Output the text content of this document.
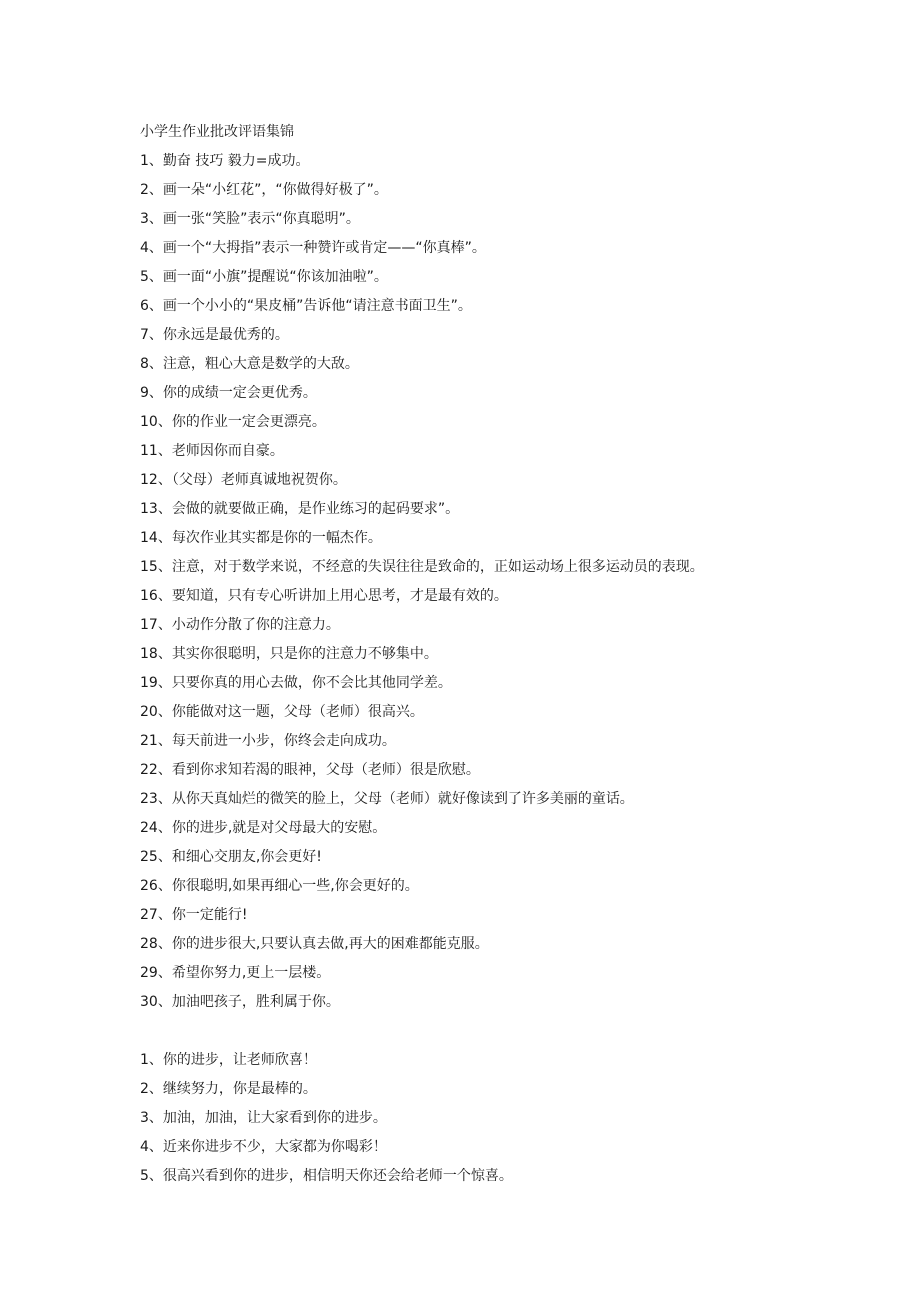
小学生作业批改评语集锦
1、勤奋 技巧 毅力=成功。
2、画一朵“小红花”，“你做得好极了”。
3、画一张“笑脸”表示“你真聪明”。
4、画一个“大拇指”表示一种赞许或肯定——“你真棒”。
5、画一面“小旗”提醒说“你该加油啦”。
6、画一个小小的“果皮桶”告诉他“请注意书面卫生”。
7、你永远是最优秀的。
8、注意，粗心大意是数学的大敌。
9、你的成绩一定会更优秀。
10、你的作业一定会更漂亮。
11、老师因你而自豪。
12、（父母）老师真诚地祝贺你。
13、会做的就要做正确，是作业练习的起码要求”。
14、每次作业其实都是你的一幅杰作。
15、注意，对于数学来说，不经意的失误往往是致命的，正如运动场上很多运动员的表现。
16、要知道，只有专心听讲加上用心思考，才是最有效的。
17、小动作分散了你的注意力。
18、其实你很聪明，只是你的注意力不够集中。
19、只要你真的用心去做，你不会比其他同学差。
20、你能做对这一题，父母（老师）很高兴。
21、每天前进一小步，你终会走向成功。
22、看到你求知若渴的眼神，父母（老师）很是欣慰。
23、从你天真灿烂的微笑的脸上，父母（老师）就好像读到了许多美丽的童话。
24、你的进步,就是对父母最大的安慰。
25、和细心交朋友,你会更好!
26、你很聪明,如果再细心一些,你会更好的。
27、你一定能行!
28、你的进步很大,只要认真去做,再大的困难都能克服。
29、希望你努力,更上一层楼。
30、加油吧孩子，胜利属于你。
1、你的进步，让老师欣喜！
2、继续努力，你是最棒的。
3、加油，加油，让大家看到你的进步。
4、近来你进步不少，大家都为你喝彩！
5、很高兴看到你的进步，相信明天你还会给老师一个惊喜。
